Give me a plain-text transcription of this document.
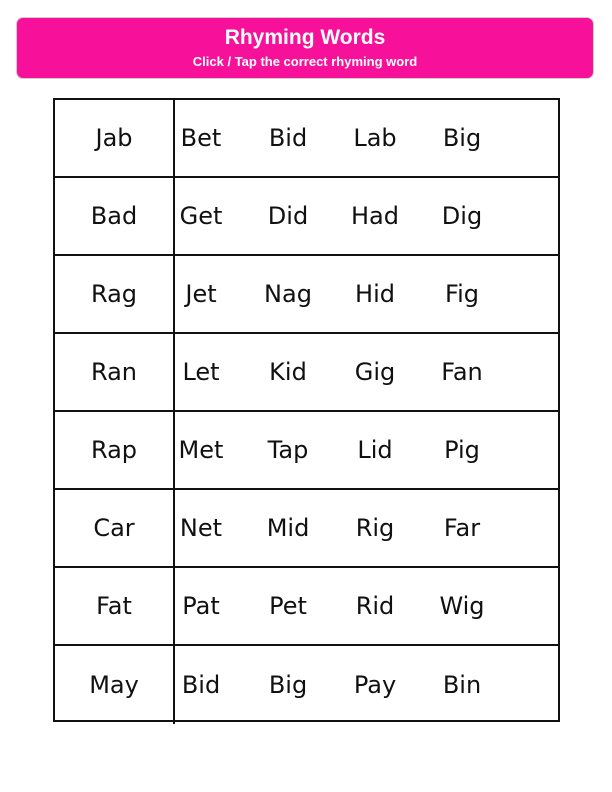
Rhyming Words
Click / Tap the correct rhyming word
Jab	Bet	Bid	Lab	Big
Bad	Get	Did	Had	Dig
Rag	Jet	Nag	Hid	Fig
Ran	Let	Kid	Gig	Fan
Rap	Met	Tap	Lid	Pig
Car	Net	Mid	Rig	Far
Fat	Pat	Pet	Rid	Wig
May	Bid	Big	Pay	Bin
